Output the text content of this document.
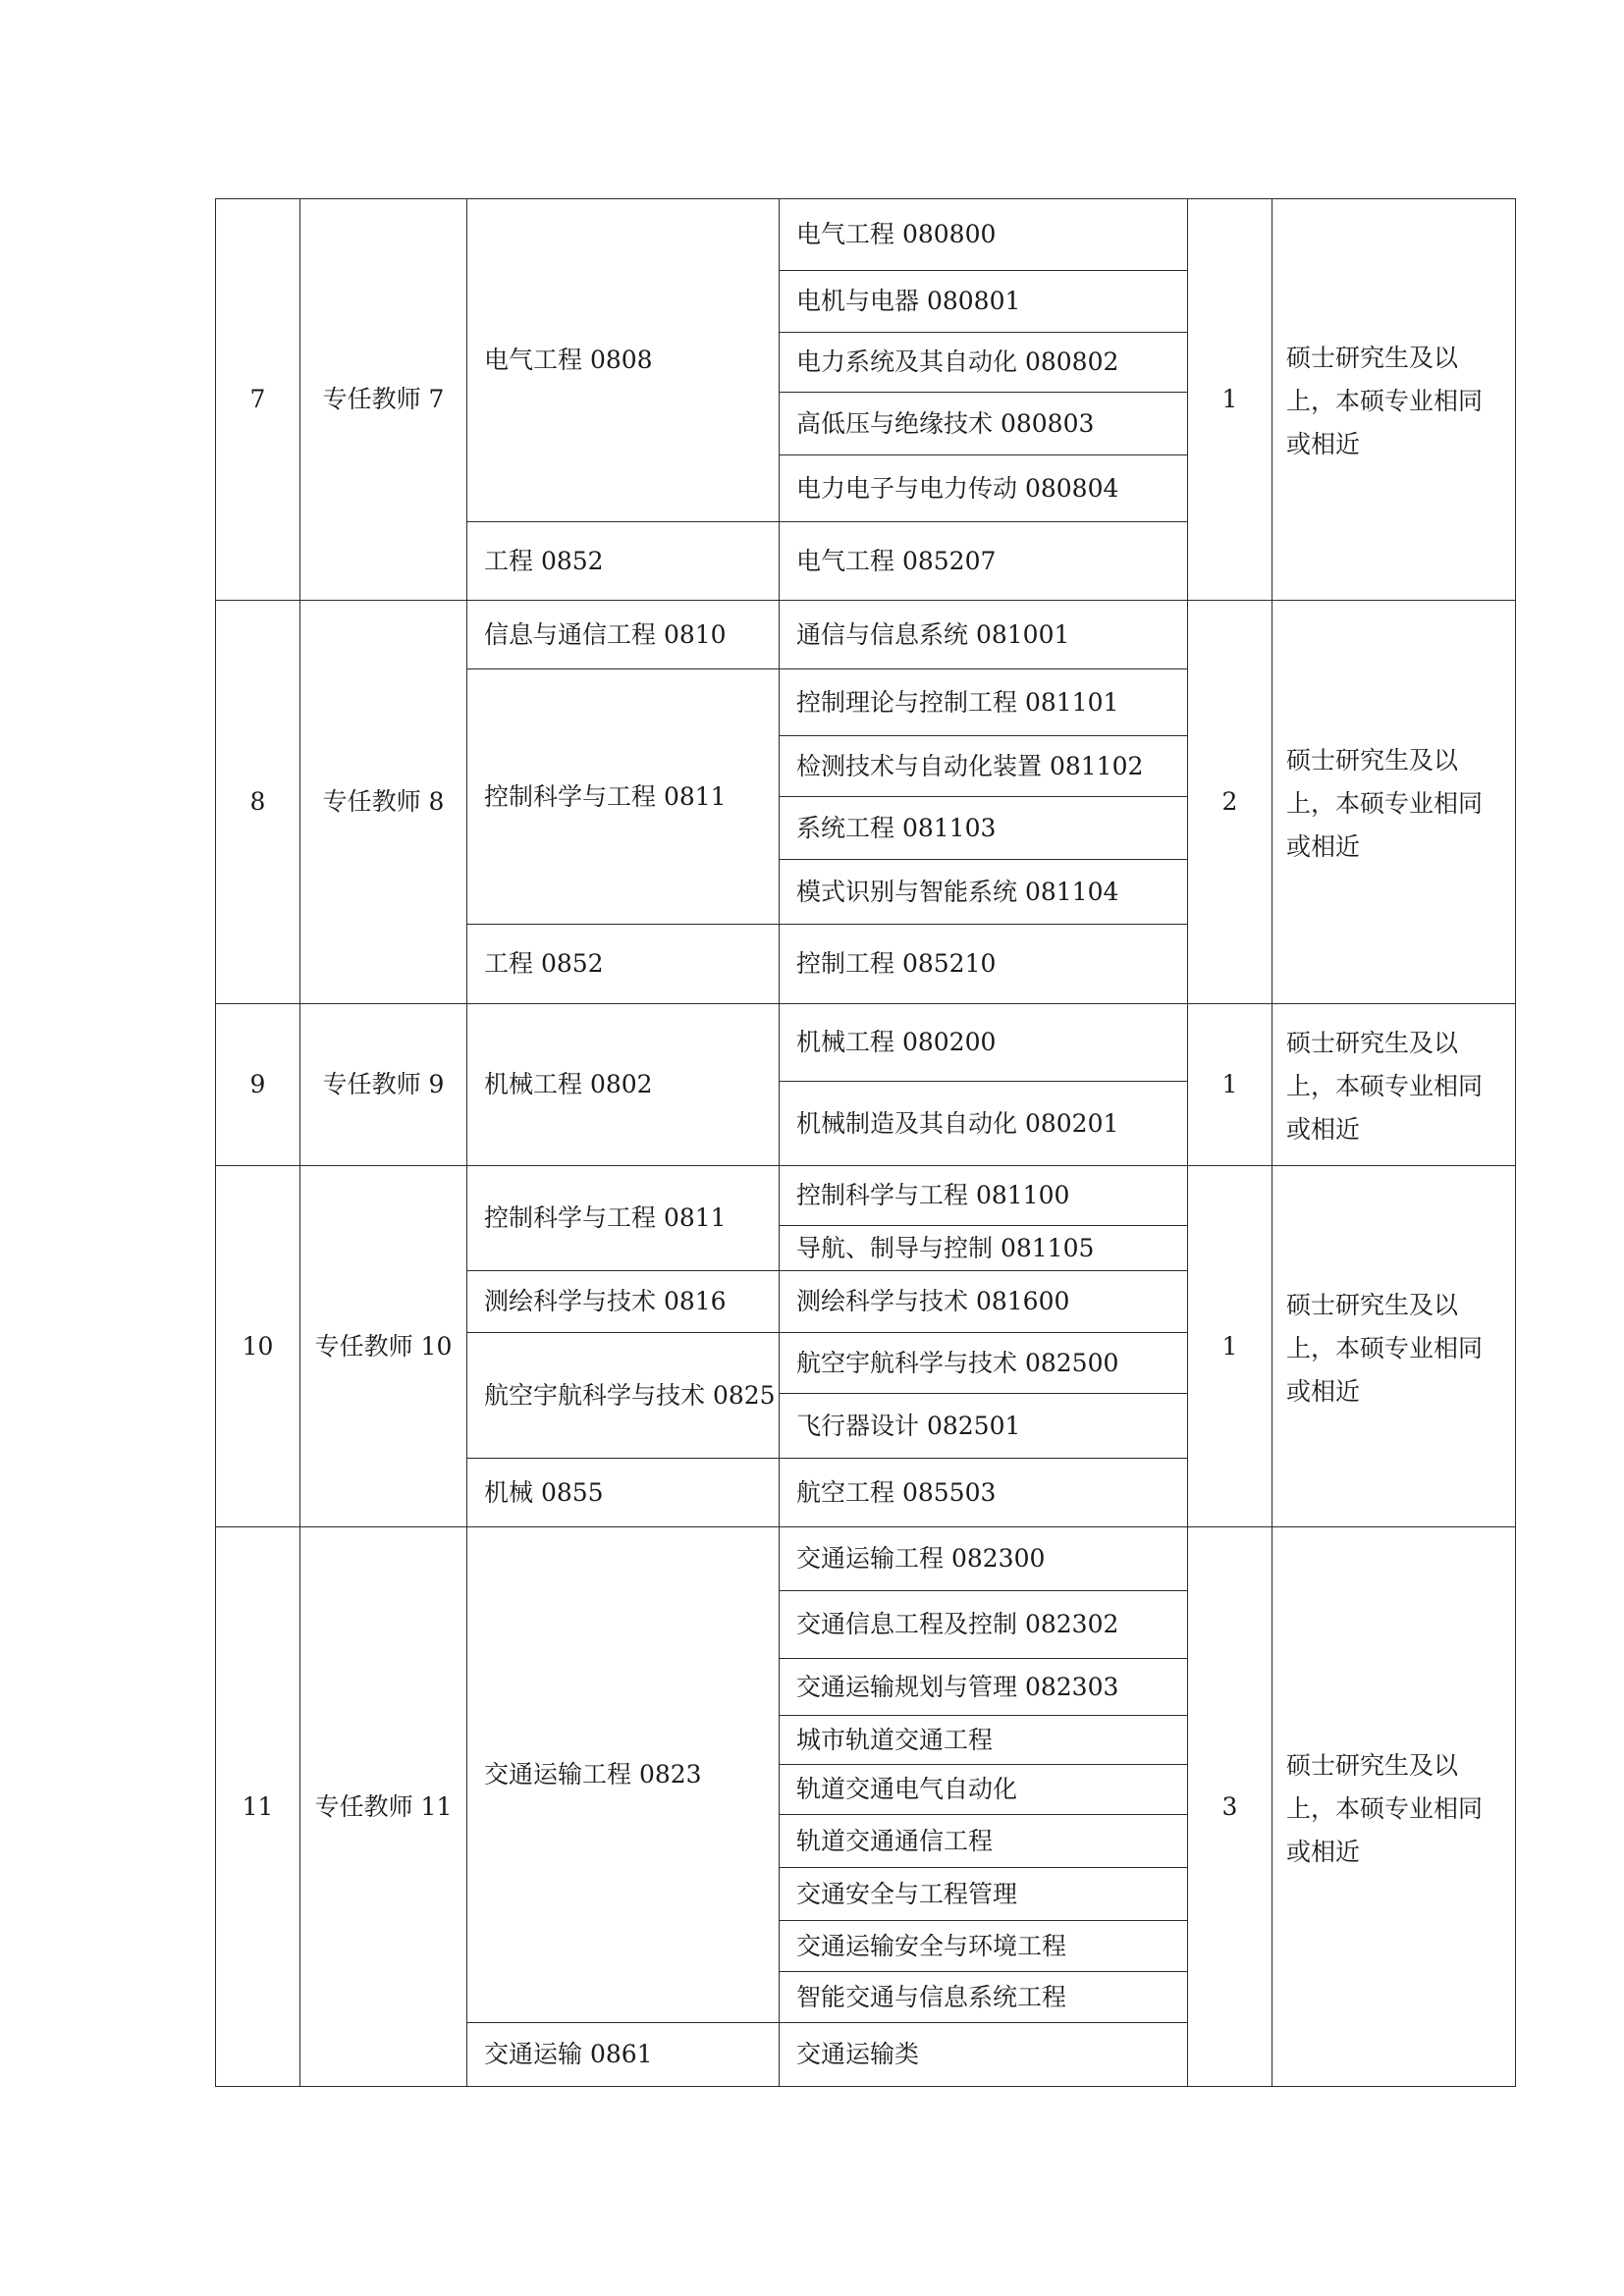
7	专任教师 7	电气工程 0808	电气工程 080800	1	硕士研究生及以上，本硕专业相同或相近
			电机与电器 080801		
			电力系统及其自动化 080802		
			高低压与绝缘技术 080803		
			电力电子与电力传动 080804		
		工程 0852	电气工程 085207		
8	专任教师 8	信息与通信工程 0810	通信与信息系统 081001	2	硕士研究生及以上，本硕专业相同或相近
		控制科学与工程 0811	控制理论与控制工程 081101		
			检测技术与自动化装置 081102		
			系统工程 081103		
			模式识别与智能系统 081104		
		工程 0852	控制工程 085210		
9	专任教师 9	机械工程 0802	机械工程 080200	1	硕士研究生及以上，本硕专业相同或相近
			机械制造及其自动化 080201		
10	专任教师 10	控制科学与工程 0811	控制科学与工程 081100	1	硕士研究生及以上，本硕专业相同或相近
			导航、制导与控制 081105		
		测绘科学与技术 0816	测绘科学与技术 081600		
		航空宇航科学与技术 0825	航空宇航科学与技术 082500		
			飞行器设计 082501		
		机械 0855	航空工程 085503		
11	专任教师 11	交通运输工程 0823	交通运输工程 082300	3	硕士研究生及以上，本硕专业相同或相近
			交通信息工程及控制 082302		
			交通运输规划与管理 082303		
			城市轨道交通工程		
			轨道交通电气自动化		
			轨道交通通信工程		
			交通安全与工程管理		
			交通运输安全与环境工程		
			智能交通与信息系统工程		
		交通运输 0861	交通运输类		
